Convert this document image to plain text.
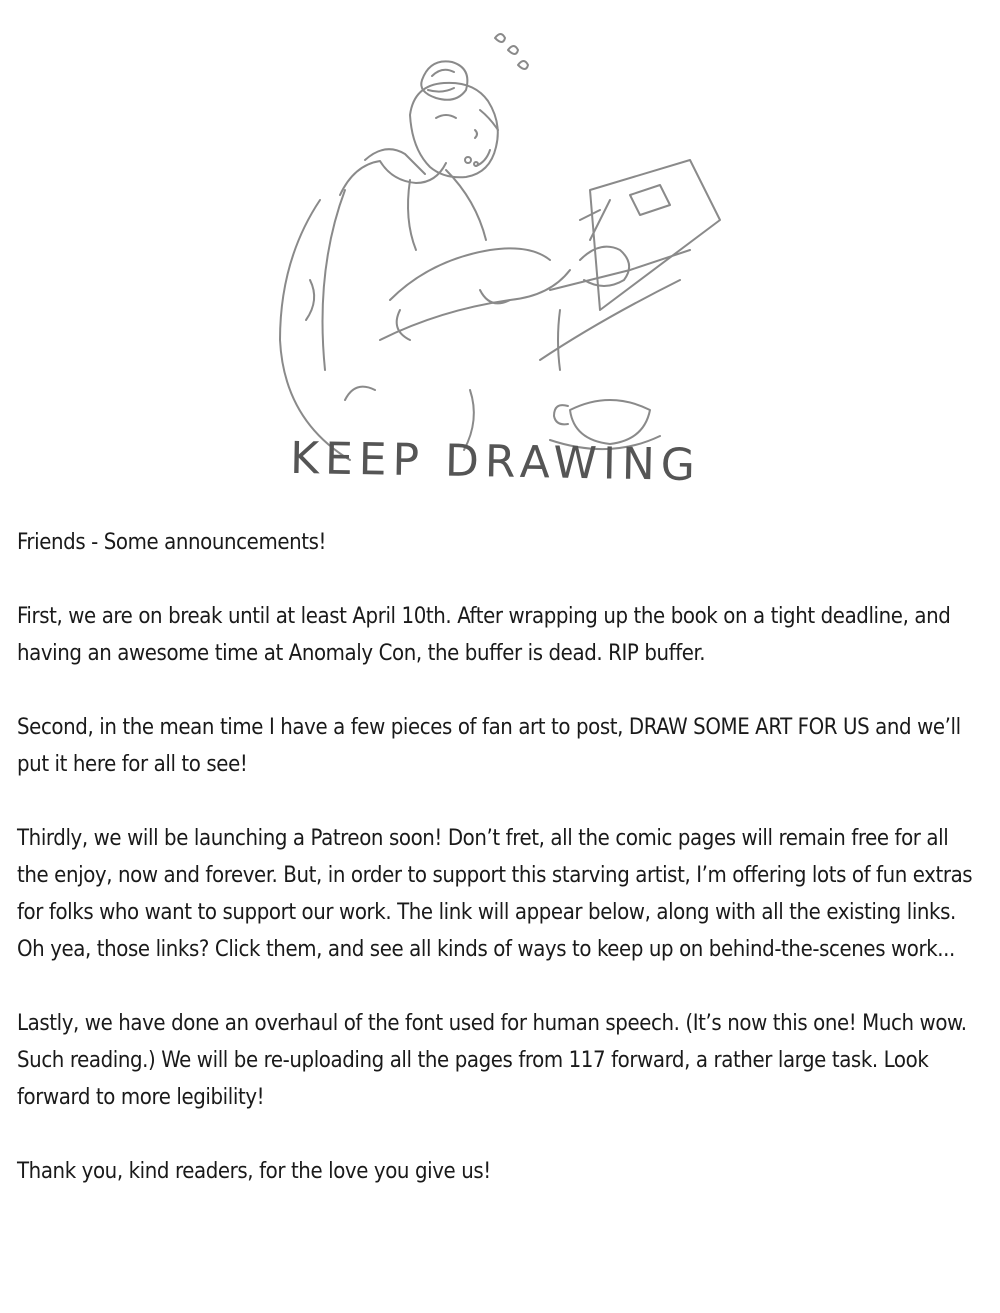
KEEP DRAWING

Friends - Some announcements!

First, we are on break until at least April 10th. After wrapping up the book on a tight deadline, and having an awesome time at Anomaly Con, the buffer is dead. RIP buffer.

Second, in the mean time I have a few pieces of fan art to post, DRAW SOME ART FOR US and we’ll put it here for all to see!

Thirdly, we will be launching a Patreon soon! Don’t fret, all the comic pages will remain free for all the enjoy, now and forever. But, in order to support this starving artist, I’m offering lots of fun extras for folks who want to support our work. The link will appear below, along with all the existing links. Oh yea, those links? Click them, and see all kinds of ways to keep up on behind-the-scenes work...

Lastly, we have done an overhaul of the font used for human speech. (It’s now this one! Much wow. Such reading.) We will be re-uploading all the pages from 117 forward, a rather large task. Look forward to more legibility!

Thank you, kind readers, for the love you give us!
